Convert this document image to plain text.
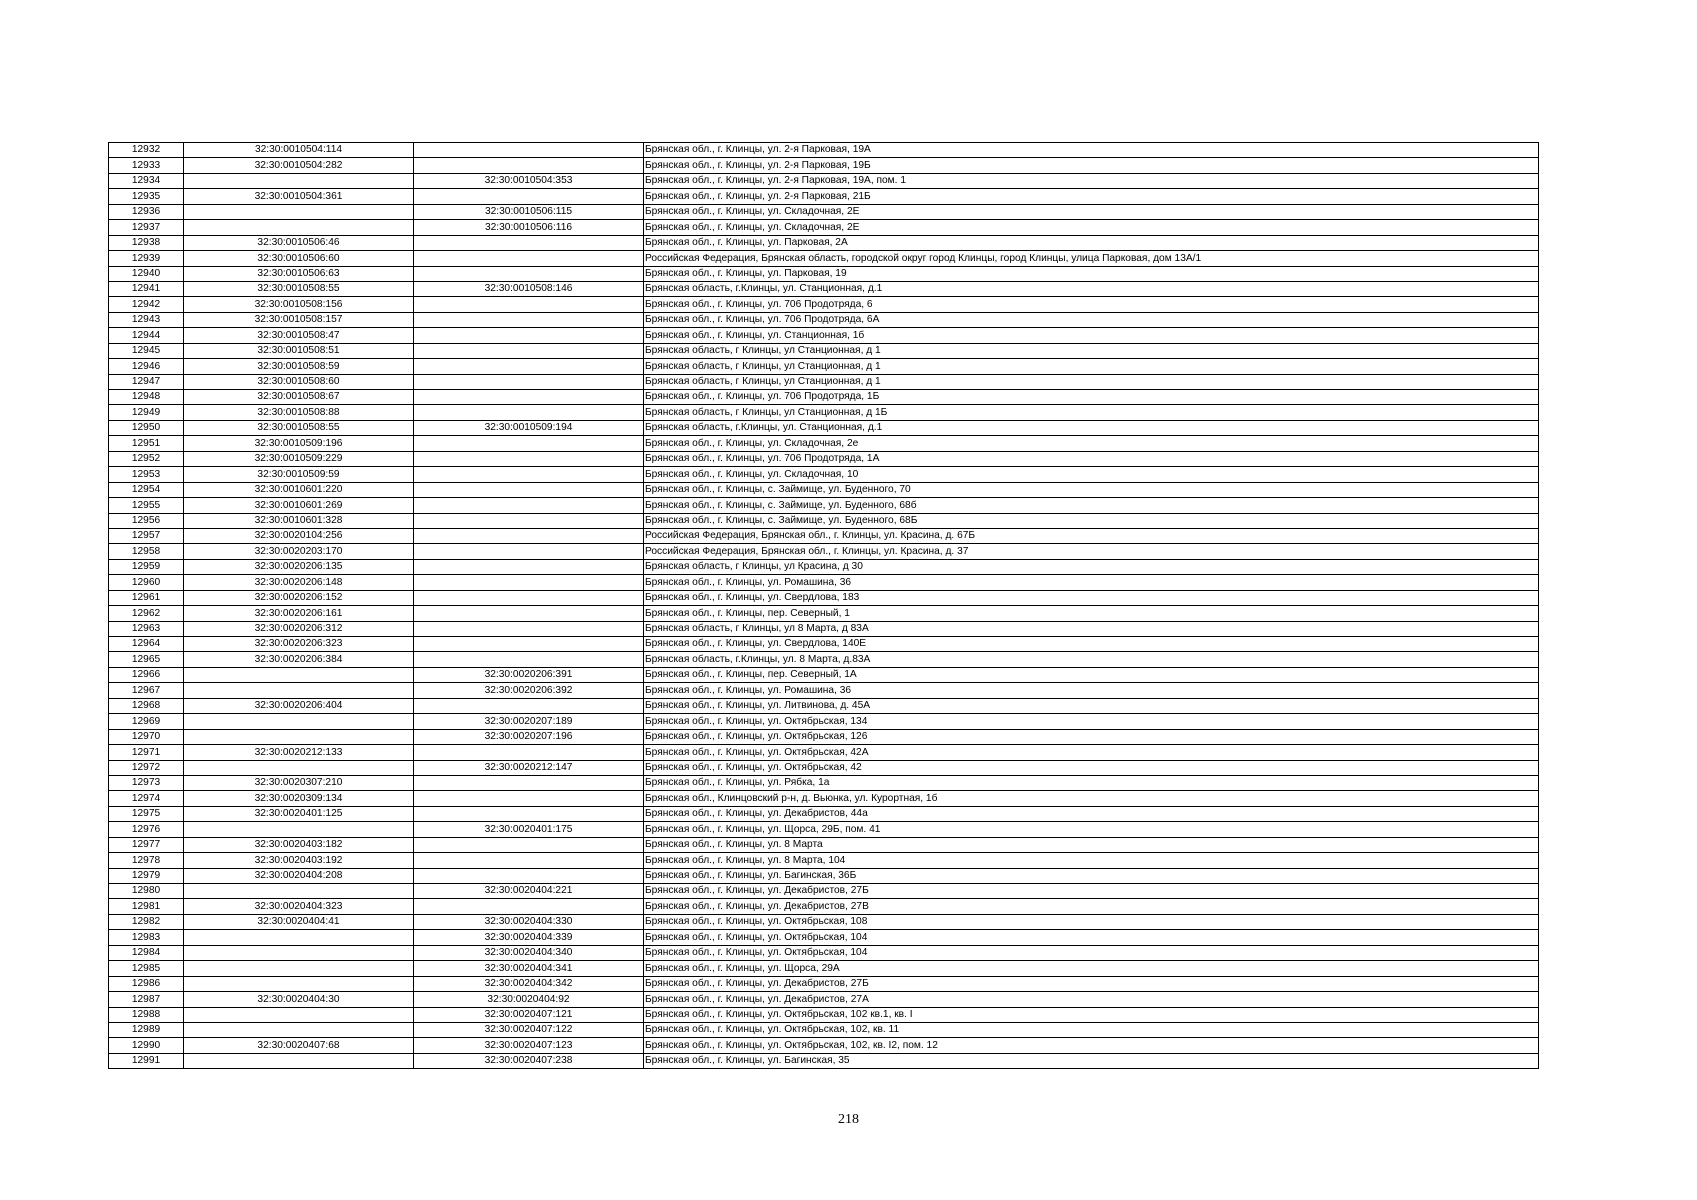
12932	32:30:0010504:114		Брянская обл., г. Клинцы, ул. 2-я Парковая, 19А
12933	32:30:0010504:282		Брянская обл., г. Клинцы, ул. 2-я Парковая, 19Б
12934		32:30:0010504:353	Брянская обл., г. Клинцы, ул. 2-я Парковая, 19А, пом. 1
12935	32:30:0010504:361		Брянская обл., г. Клинцы, ул. 2-я Парковая, 21Б
12936		32:30:0010506:115	Брянская обл., г. Клинцы, ул. Складочная, 2Е
12937		32:30:0010506:116	Брянская обл., г. Клинцы, ул. Складочная, 2Е
12938	32:30:0010506:46		Брянская обл., г. Клинцы, ул. Парковая, 2А
12939	32:30:0010506:60		Российская Федерация, Брянская область, городской округ город Клинцы, город Клинцы, улица Парковая, дом 13А/1
12940	32:30:0010506:63		Брянская обл., г. Клинцы, ул. Парковая, 19
12941	32:30:0010508:55	32:30:0010508:146	Брянская область, г.Клинцы, ул. Станционная, д.1
12942	32:30:0010508:156		Брянская обл., г. Клинцы, ул. 706 Продотряда, 6
12943	32:30:0010508:157		Брянская обл., г. Клинцы, ул. 706 Продотряда, 6А
12944	32:30:0010508:47		Брянская обл., г. Клинцы, ул. Станционная, 1б
12945	32:30:0010508:51		Брянская область, г Клинцы, ул Станционная, д 1
12946	32:30:0010508:59		Брянская область, г Клинцы, ул Станционная, д 1
12947	32:30:0010508:60		Брянская область, г Клинцы, ул Станционная, д 1
12948	32:30:0010508:67		Брянская обл., г. Клинцы, ул. 706 Продотряда, 1Б
12949	32:30:0010508:88		Брянская область, г Клинцы, ул Станционная, д 1Б
12950	32:30:0010508:55	32:30:0010509:194	Брянская область, г.Клинцы, ул. Станционная, д.1
12951	32:30:0010509:196		Брянская обл., г. Клинцы, ул. Складочная, 2е
12952	32:30:0010509:229		Брянская обл., г. Клинцы, ул. 706 Продотряда, 1А
12953	32:30:0010509:59		Брянская обл., г. Клинцы, ул. Складочная, 10
12954	32:30:0010601:220		Брянская обл., г. Клинцы, с. Займище, ул. Буденного, 70
12955	32:30:0010601:269		Брянская обл., г. Клинцы, с. Займище, ул. Буденного, 68б
12956	32:30:0010601:328		Брянская обл., г. Клинцы, с. Займище, ул. Буденного, 68Б
12957	32:30:0020104:256		Российская Федерация, Брянская обл., г. Клинцы, ул. Красина, д. 67Б
12958	32:30:0020203:170		Российская Федерация, Брянская обл., г. Клинцы, ул. Красина, д. 37
12959	32:30:0020206:135		Брянская область, г Клинцы, ул Красина, д 30
12960	32:30:0020206:148		Брянская обл., г. Клинцы, ул. Ромашина, 36
12961	32:30:0020206:152		Брянская обл., г. Клинцы, ул. Свердлова, 183
12962	32:30:0020206:161		Брянская обл., г. Клинцы, пер. Северный, 1
12963	32:30:0020206:312		Брянская область, г Клинцы, ул 8 Марта, д 83А
12964	32:30:0020206:323		Брянская обл., г. Клинцы, ул. Свердлова, 140Е
12965	32:30:0020206:384		Брянская область, г.Клинцы, ул. 8 Марта, д.83А
12966		32:30:0020206:391	Брянская обл., г. Клинцы, пер. Северный, 1А
12967		32:30:0020206:392	Брянская обл., г. Клинцы, ул. Ромашина, 36
12968	32:30:0020206:404		Брянская обл., г. Клинцы, ул. Литвинова, д. 45А
12969		32:30:0020207:189	Брянская обл., г. Клинцы, ул. Октябрьская, 134
12970		32:30:0020207:196	Брянская обл., г. Клинцы, ул. Октябрьская, 126
12971	32:30:0020212:133		Брянская обл., г. Клинцы, ул. Октябрьская, 42А
12972		32:30:0020212:147	Брянская обл., г. Клинцы, ул. Октябрьская, 42
12973	32:30:0020307:210		Брянская обл., г. Клинцы, ул. Рябка, 1а
12974	32:30:0020309:134		Брянская обл., Клинцовский р-н, д. Вьюнка, ул. Курортная, 1б
12975	32:30:0020401:125		Брянская обл., г. Клинцы, ул. Декабристов, 44а
12976		32:30:0020401:175	Брянская обл., г. Клинцы, ул. Щорса, 29Б, пом. 41
12977	32:30:0020403:182		Брянская обл., г. Клинцы, ул. 8 Марта
12978	32:30:0020403:192		Брянская обл., г. Клинцы, ул. 8 Марта, 104
12979	32:30:0020404:208		Брянская обл., г. Клинцы, ул. Багинская, 36Б
12980		32:30:0020404:221	Брянская обл., г. Клинцы, ул. Декабристов, 27Б
12981	32:30:0020404:323		Брянская обл., г. Клинцы, ул. Декабристов, 27В
12982	32:30:0020404:41	32:30:0020404:330	Брянская обл., г. Клинцы, ул. Октябрьская, 108
12983		32:30:0020404:339	Брянская обл., г. Клинцы, ул. Октябрьская, 104
12984		32:30:0020404:340	Брянская обл., г. Клинцы, ул. Октябрьская, 104
12985		32:30:0020404:341	Брянская обл., г. Клинцы, ул. Щорса, 29А
12986		32:30:0020404:342	Брянская обл., г. Клинцы, ул. Декабристов, 27Б
12987	32:30:0020404:30	32:30:0020404:92	Брянская обл., г. Клинцы, ул. Декабристов, 27А
12988		32:30:0020407:121	Брянская обл., г. Клинцы, ул. Октябрьская, 102 кв.1, кв. I
12989		32:30:0020407:122	Брянская обл., г. Клинцы, ул. Октябрьская, 102, кв. 11
12990	32:30:0020407:68	32:30:0020407:123	Брянская обл., г. Клинцы, ул. Октябрьская, 102, кв. I2, пом. 12
12991		32:30:0020407:238	Брянская обл., г. Клинцы, ул. Багинская, 35
218
